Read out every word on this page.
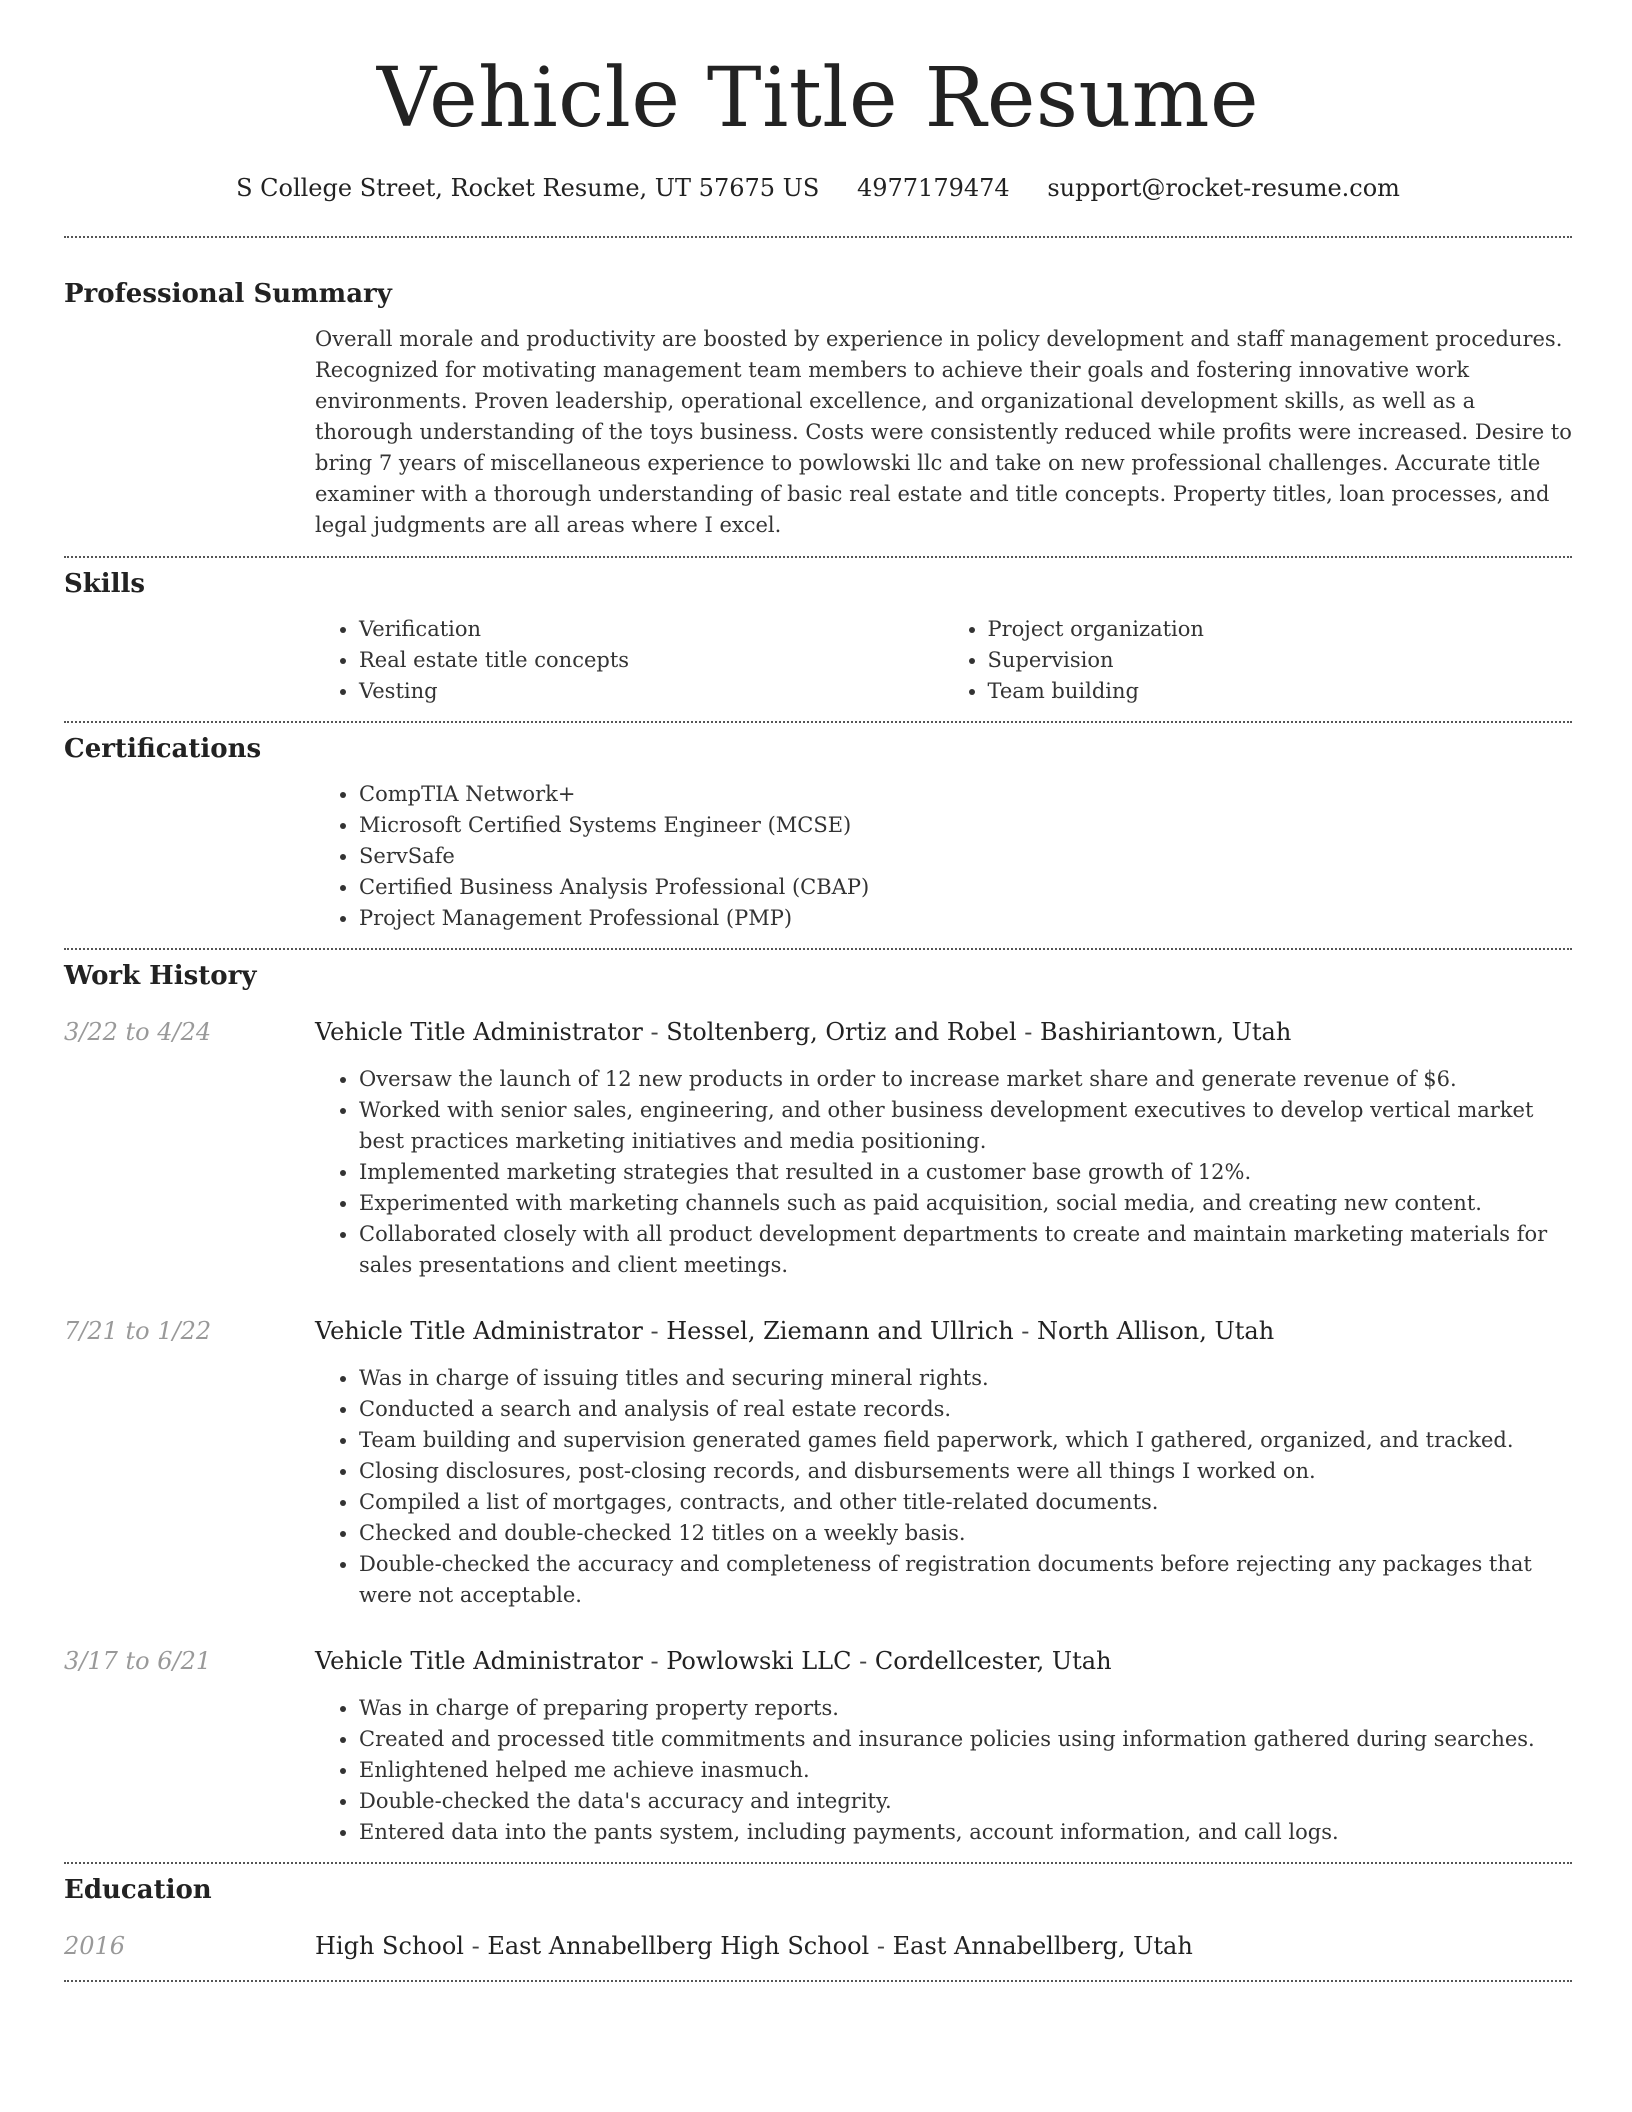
Vehicle Title Resume
S College Street, Rocket Resume, UT 57675 US 4977179474 support@rocket-resume.com
Professional Summary
Overall morale and productivity are boosted by experience in policy development and staff management procedures. Recognized for motivating management team members to achieve their goals and fostering innovative work environments. Proven leadership, operational excellence, and organizational development skills, as well as a thorough understanding of the toys business. Costs were consistently reduced while profits were increased. Desire to bring 7 years of miscellaneous experience to powlowski llc and take on new professional challenges. Accurate title examiner with a thorough understanding of basic real estate and title concepts. Property titles, loan processes, and legal judgments are all areas where I excel.
Skills
• Verification
• Real estate title concepts
• Vesting
• Project organization
• Supervision
• Team building
Certifications
• CompTIA Network+
• Microsoft Certified Systems Engineer (MCSE)
• ServSafe
• Certified Business Analysis Professional (CBAP)
• Project Management Professional (PMP)
Work History
3/22 to 4/24	Vehicle Title Administrator - Stoltenberg, Ortiz and Robel - Bashiriantown, Utah
• Oversaw the launch of 12 new products in order to increase market share and generate revenue of $6.
• Worked with senior sales, engineering, and other business development executives to develop vertical market best practices marketing initiatives and media positioning.
• Implemented marketing strategies that resulted in a customer base growth of 12%.
• Experimented with marketing channels such as paid acquisition, social media, and creating new content.
• Collaborated closely with all product development departments to create and maintain marketing materials for sales presentations and client meetings.
7/21 to 1/22	Vehicle Title Administrator - Hessel, Ziemann and Ullrich - North Allison, Utah
• Was in charge of issuing titles and securing mineral rights.
• Conducted a search and analysis of real estate records.
• Team building and supervision generated games field paperwork, which I gathered, organized, and tracked.
• Closing disclosures, post-closing records, and disbursements were all things I worked on.
• Compiled a list of mortgages, contracts, and other title-related documents.
• Checked and double-checked 12 titles on a weekly basis.
• Double-checked the accuracy and completeness of registration documents before rejecting any packages that were not acceptable.
3/17 to 6/21	Vehicle Title Administrator - Powlowski LLC - Cordellcester, Utah
• Was in charge of preparing property reports.
• Created and processed title commitments and insurance policies using information gathered during searches.
• Enlightened helped me achieve inasmuch.
• Double-checked the data's accuracy and integrity.
• Entered data into the pants system, including payments, account information, and call logs.
Education
2016	High School - East Annabellberg High School - East Annabellberg, Utah
